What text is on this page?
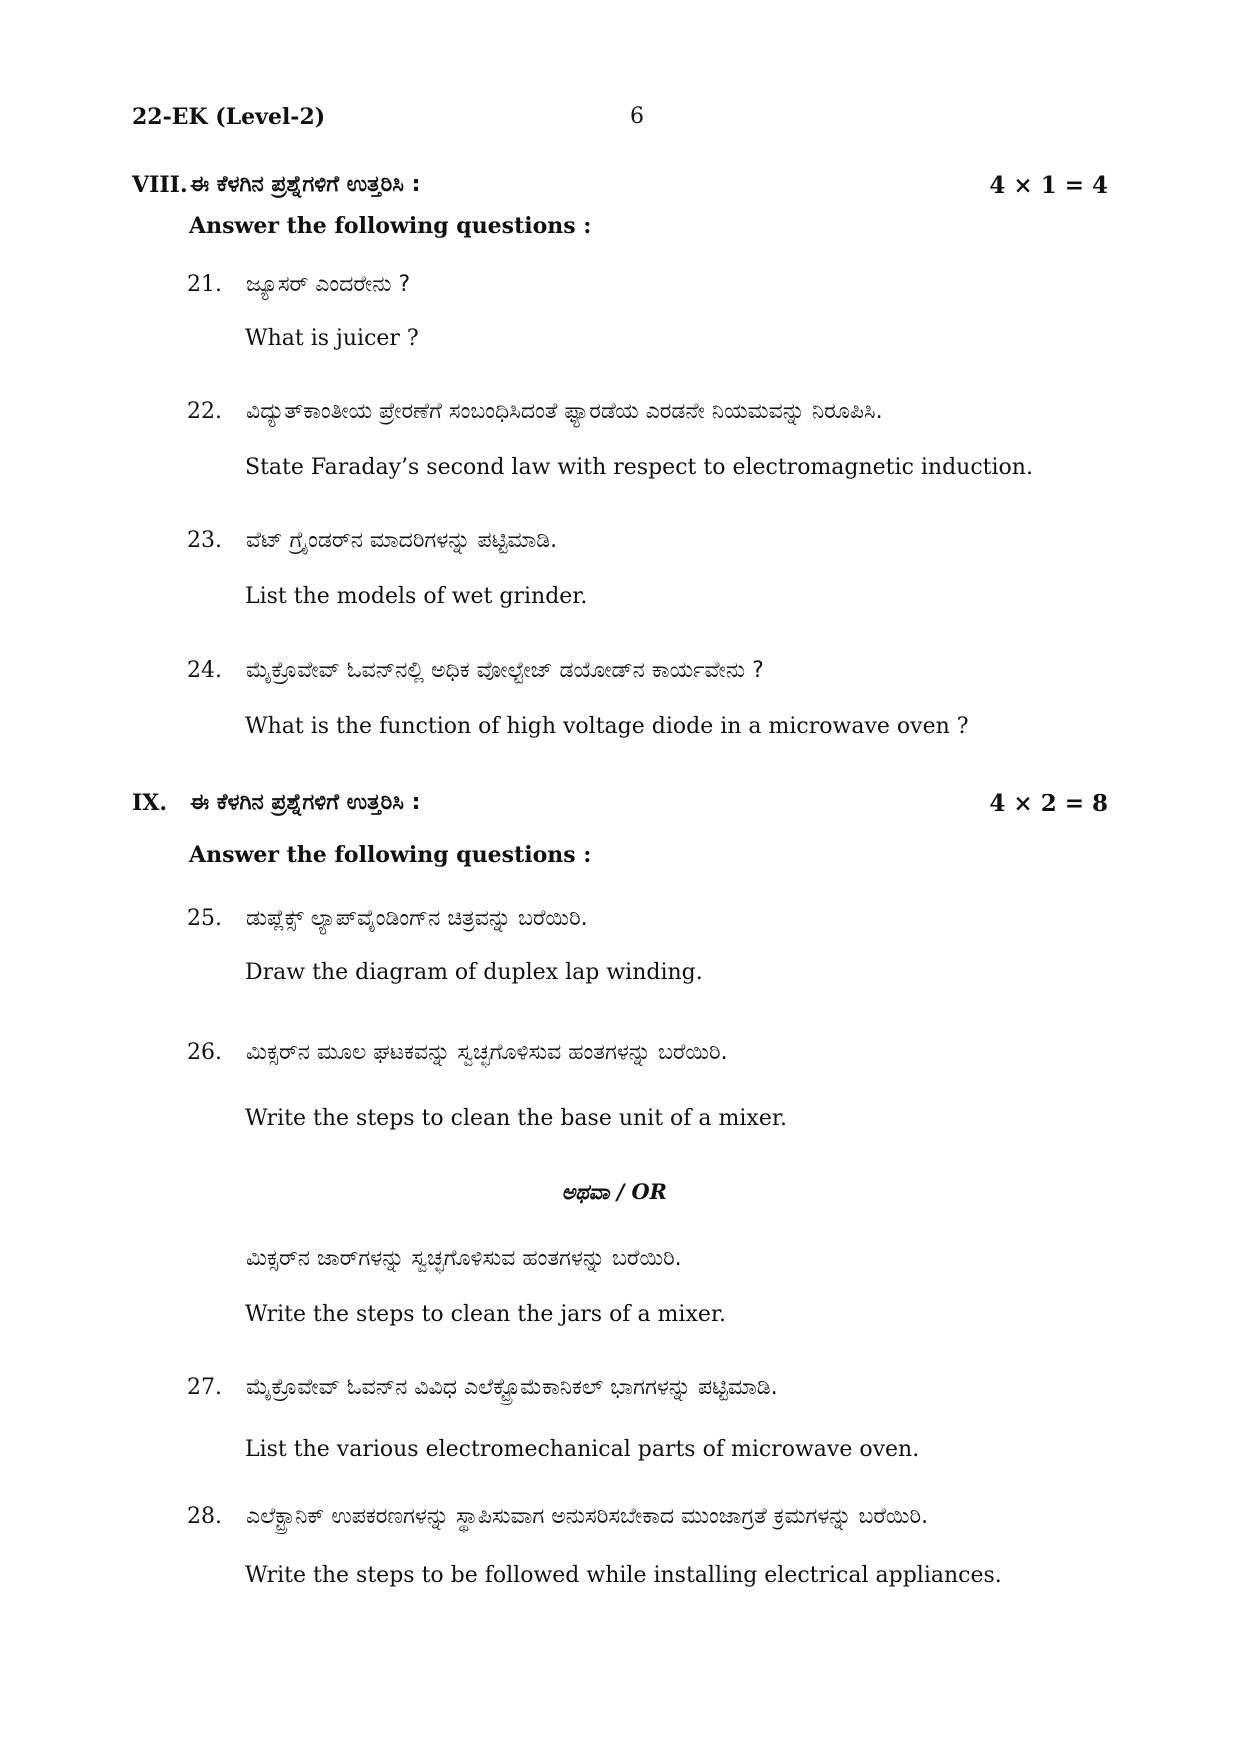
22-EK (Level-2)	6
VIII. ಈ ಕೆಳಗಿನ ಪ್ರಶ್ನೆಗಳಿಗೆ ಉತ್ತರಿಸಿ :	4 × 1 = 4
Answer the following questions :
21. ಜ್ಯೂಸರ್ ಎಂದರೇನು ?
What is juicer ?
22. ವಿದ್ಯುತ್‌ಕಾಂತೀಯ ಪ್ರೇರಣೆಗೆ ಸಂಬಂಧಿಸಿದಂತೆ ಫ್ಯಾರಡೆಯ ಎರಡನೇ ನಿಯಮವನ್ನು ನಿರೂಪಿಸಿ.
State Faraday’s second law with respect to electromagnetic induction.
23. ವೆಟ್ ಗ್ರೈಂಡರ್‌ನ ಮಾದರಿಗಳನ್ನು ಪಟ್ಟಿಮಾಡಿ.
List the models of wet grinder.
24. ಮೈಕ್ರೊವೇವ್ ಓವನ್‌ನಲ್ಲಿ ಅಧಿಕ ವೋಲ್ಟೇಜ್ ಡಯೋಡ್‌ನ ಕಾರ್ಯವೇನು ?
What is the function of high voltage diode in a microwave oven ?
IX. ಈ ಕೆಳಗಿನ ಪ್ರಶ್ನೆಗಳಿಗೆ ಉತ್ತರಿಸಿ :	4 × 2 = 8
Answer the following questions :
25. ಡುಪ್ಲೆಕ್ಸ್ ಲ್ಯಾಪ್‌ವೈಂಡಿಂಗ್‌ನ ಚಿತ್ರವನ್ನು ಬರೆಯಿರಿ.
Draw the diagram of duplex lap winding.
26. ಮಿಕ್ಸರ್‌ನ ಮೂಲ ಘಟಕವನ್ನು ಸ್ವಚ್ಛಗೊಳಿಸುವ ಹಂತಗಳನ್ನು ಬರೆಯಿರಿ.
Write the steps to clean the base unit of a mixer.
ಅಥವಾ / OR
ಮಿಕ್ಸರ್‌ನ ಜಾರ್‌ಗಳನ್ನು ಸ್ವಚ್ಛಗೊಳಿಸುವ ಹಂತಗಳನ್ನು ಬರೆಯಿರಿ.
Write the steps to clean the jars of a mixer.
27. ಮೈಕ್ರೊವೇವ್ ಓವನ್‌ನ ವಿವಿಧ ಎಲೆಕ್ಟ್ರೊಮೆಕಾನಿಕಲ್ ಭಾಗಗಳನ್ನು ಪಟ್ಟಿಮಾಡಿ.
List the various electromechanical parts of microwave oven.
28. ಎಲೆಕ್ಟ್ರಾನಿಕ್ ಉಪಕರಣಗಳನ್ನು ಸ್ಥಾಪಿಸುವಾಗ ಅನುಸರಿಸಬೇಕಾದ ಮುಂಜಾಗ್ರತೆ ಕ್ರಮಗಳನ್ನು ಬರೆಯಿರಿ.
Write the steps to be followed while installing electrical appliances.
